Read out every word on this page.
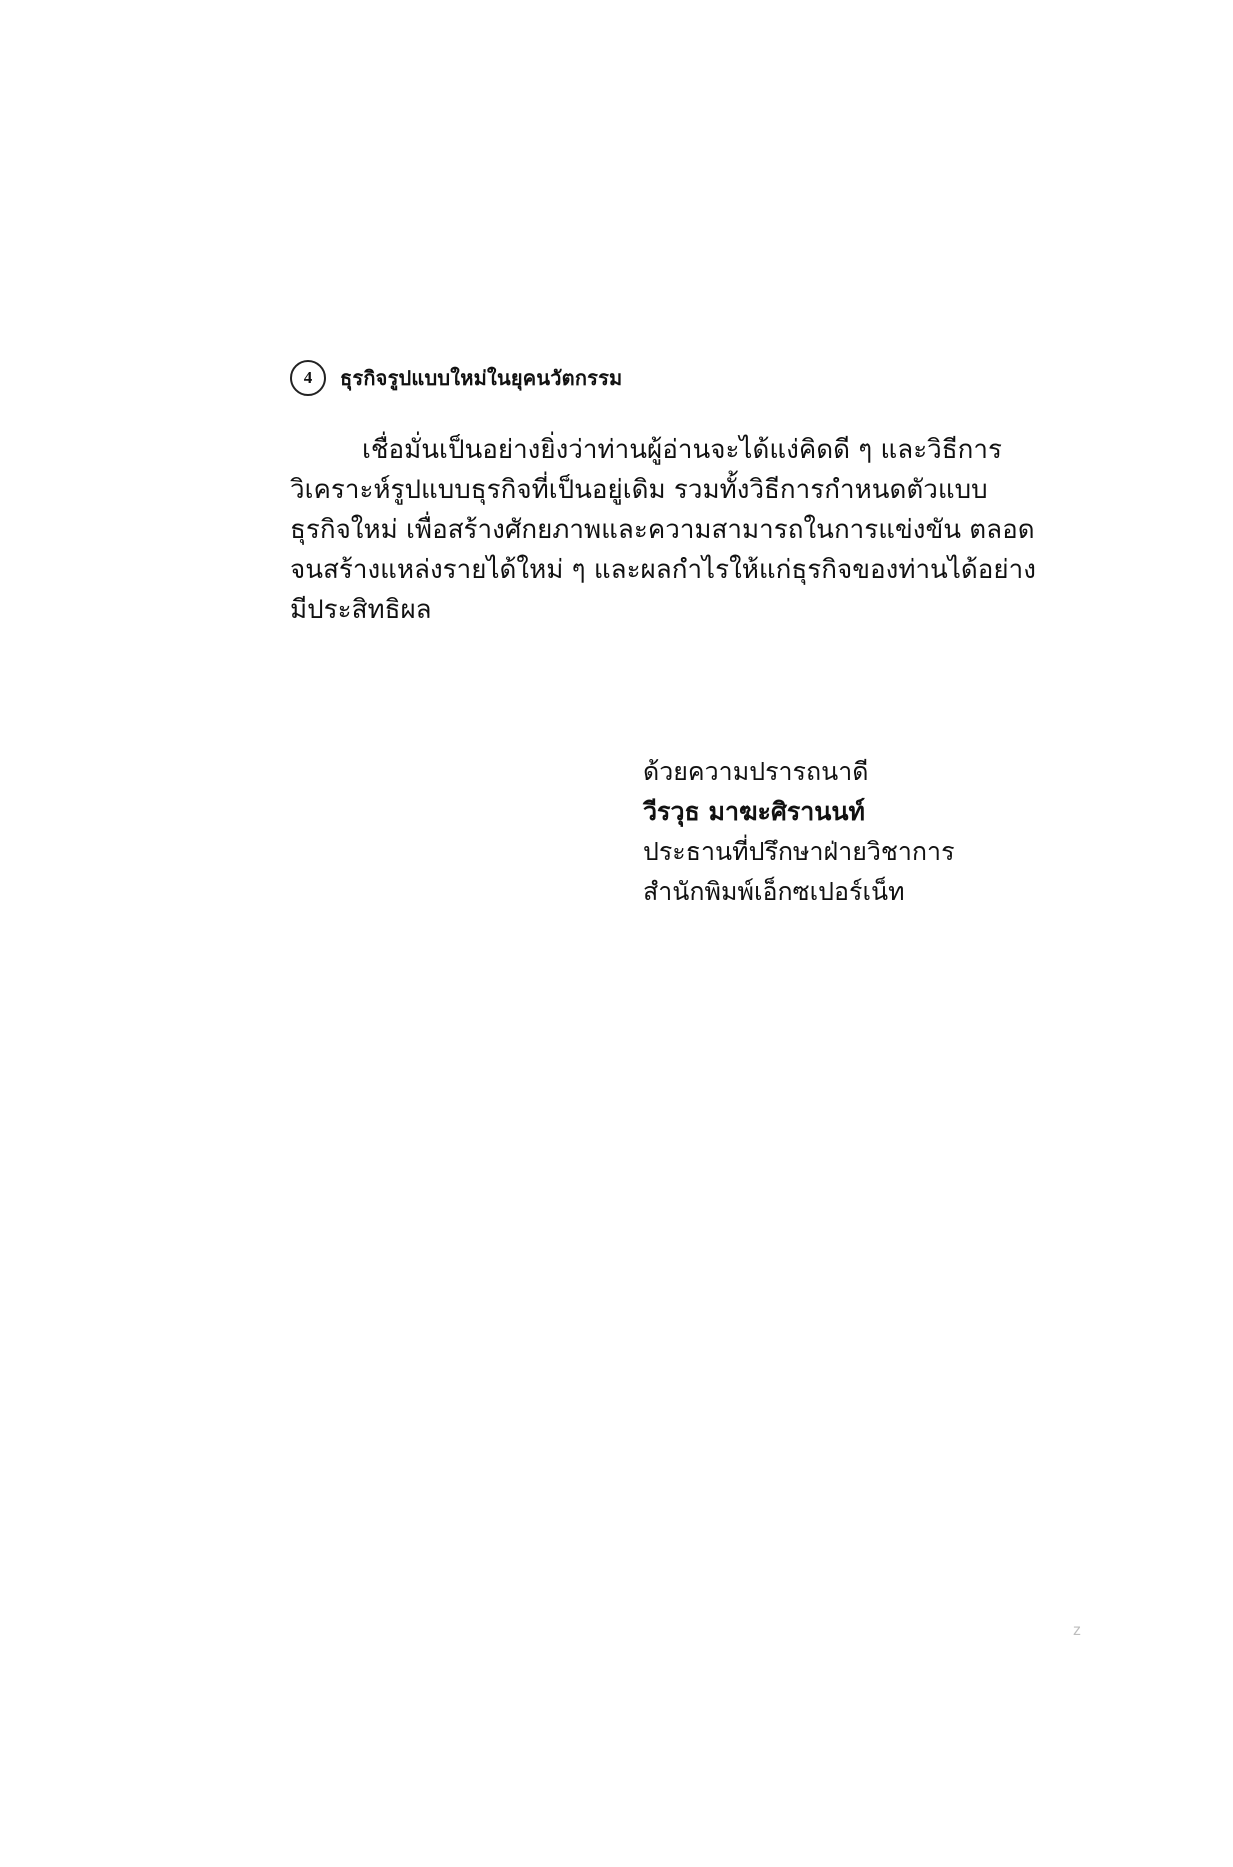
4	ธุรกิจรูปแบบใหม่ในยุคนวัตกรรม
เชื่อมั่นเป็นอย่างยิ่งว่าท่านผู้อ่านจะได้แง่คิดดี ๆ และวิธีการ
วิเคราะห์รูปแบบธุรกิจที่เป็นอยู่เดิม รวมทั้งวิธีการกำหนดตัวแบบ
ธุรกิจใหม่ เพื่อสร้างศักยภาพและความสามารถในการแข่งขัน ตลอด
จนสร้างแหล่งรายได้ใหม่ ๆ และผลกำไรให้แก่ธุรกิจของท่านได้อย่าง
มีประสิทธิผล
ด้วยความปรารถนาดี
วีรวุธ มาฆะศิรานนท์
ประธานที่ปรึกษาฝ่ายวิชาการ
สำนักพิมพ์เอ็กซเปอร์เน็ท
z
